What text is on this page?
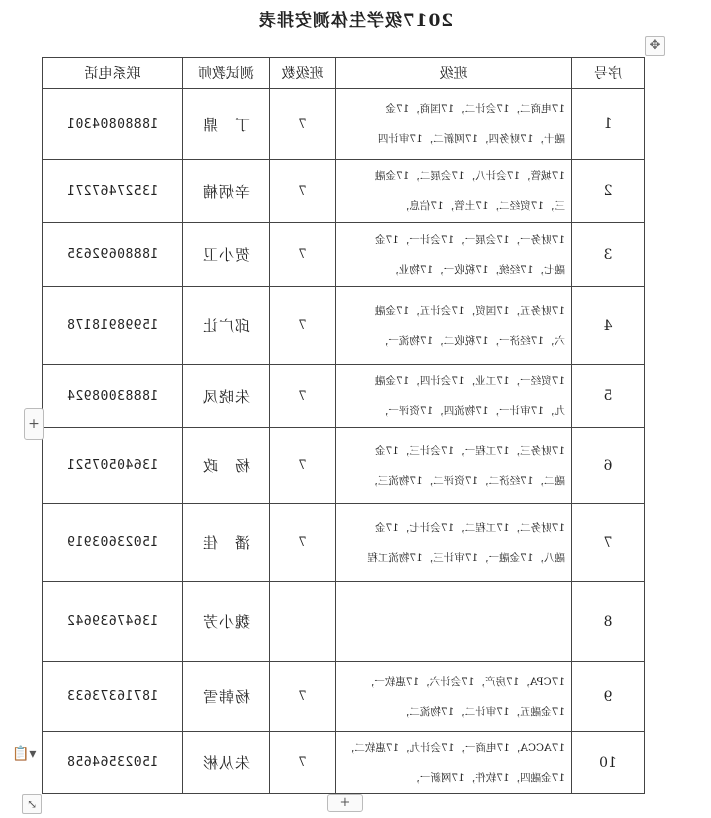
2017级学生体测安排表
序号	班级	班级数	测试教师	联系电话
1	17电商二，17会计二，17国商，17金
融十，17财务四，17网新二，17审计四	7	丁　鼎	18880804301
2	17城管，17会计八，17会展二，17金融
三，17贸经二，17土管，17信息，	7	辛炳楠	13527467271
3	17财务一，17会展一，17会计一，17金
融七，17经统，17税收一，17物业，	7	贺小卫	18880692635
4	17财务五，17国贸，17会计五，17金融
六，17经济一，17税收二，17物流一，	7	邱广让	15998918178
5	17贸经一，17工业，17会计四，17金融
九，17审计一，17物流四，17资评一，	7	朱晓凤	18883008924
6	17财务三，17工程一，17会计三，17金
融二，17经济二，17资评二，17物流三，	7	杨　政	13640507521
7	17财务二，17工程二，17会计七，17金
融八，17金融一，17审计三，17物流工程	7	潘　佳	15023603919
8			魏小芳	13647639642
9	17CPA，17房产，17会计六，17惠软一，
17金融五，17审计二，17物流二，	7	杨韩雪	18716373633
10	17ACCA，17电商一，17会计九，17惠软二，
17金融四，17软件，17网新一，	7	朱从彬	15023564658
✥
+
📋▾
⤡	+
